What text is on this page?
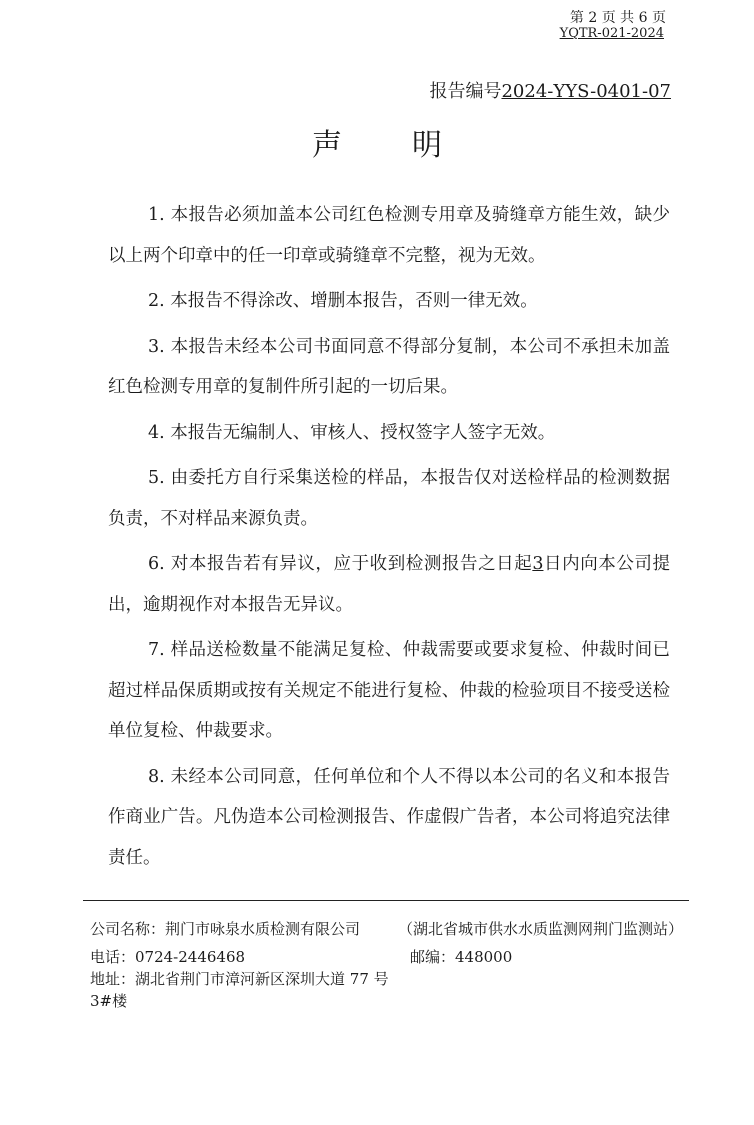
第 2 页 共 6 页
YQTR-021-2024
报告编号2024-YYS-0401-07
声明

1. 本报告必须加盖本公司红色检测专用章及骑缝章方能生效，缺少以上两个印章中的任一印章或骑缝章不完整，视为无效。

2. 本报告不得涂改、增删本报告，否则一律无效。

3. 本报告未经本公司书面同意不得部分复制，本公司不承担未加盖红色检测专用章的复制件所引起的一切后果。

4. 本报告无编制人、审核人、授权签字人签字无效。

5. 由委托方自行采集送检的样品，本报告仅对送检样品的检测数据负责，不对样品来源负责。

6. 对本报告若有异议，应于收到检测报告之日起3日内向本公司提出，逾期视作对本报告无异议。

7. 样品送检数量不能满足复检、仲裁需要或要求复检、仲裁时间已超过样品保质期或按有关规定不能进行复检、仲裁的检验项目不接受送检单位复检、仲裁要求。

8. 未经本公司同意，任何单位和个人不得以本公司的名义和本报告作商业广告。凡伪造本公司检测报告、作虚假广告者，本公司将追究法律责任。

公司名称：荆门市咏泉水质检测有限公司	（湖北省城市供水水质监测网荆门监测站）
电话：0724-2446468	邮编：448000
地址：湖北省荆门市漳河新区深圳大道 77 号 3#楼
